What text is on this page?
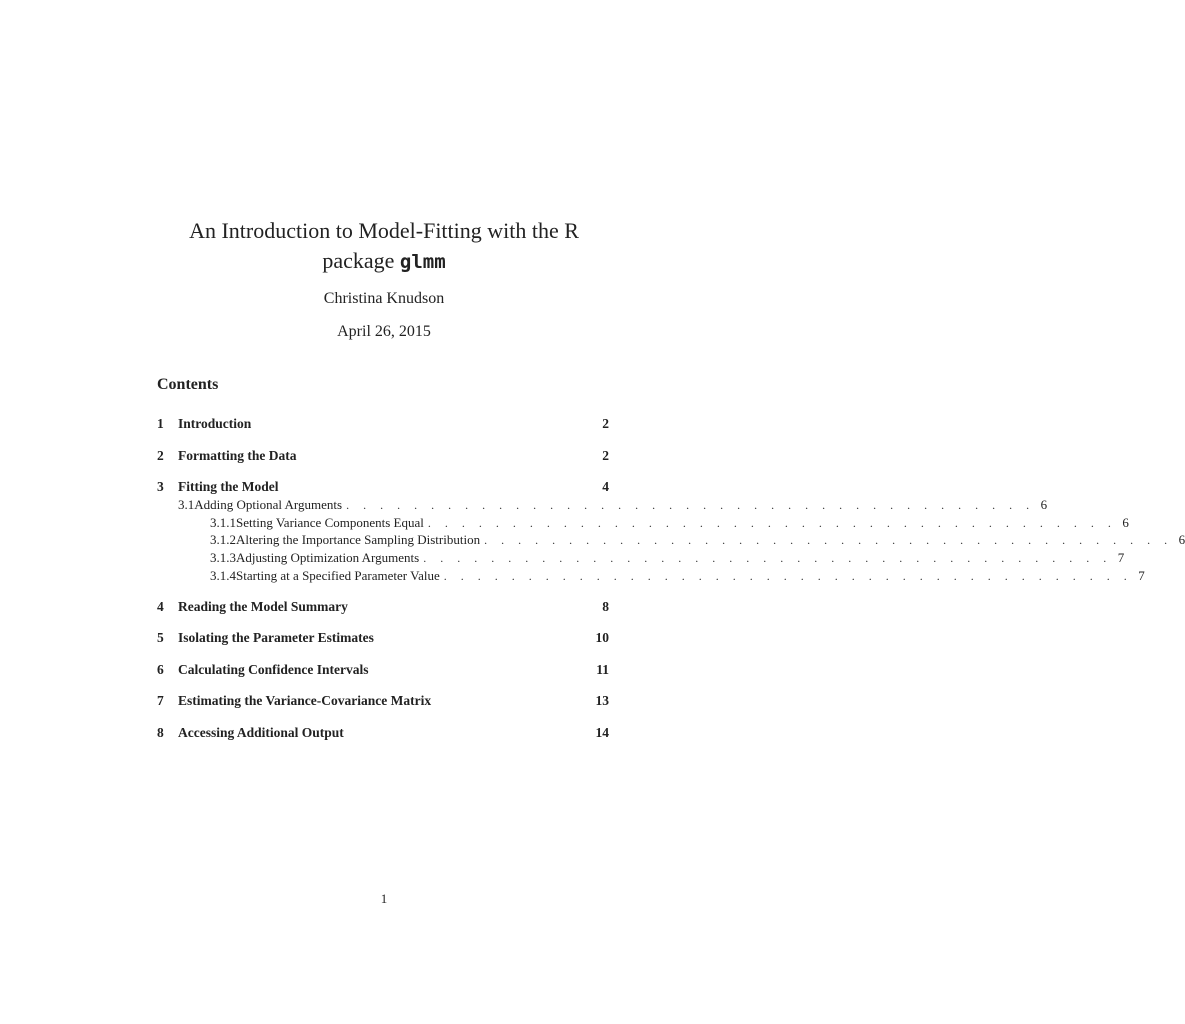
An Introduction to Model-Fitting with the R
package glmm
Christina Knudson
April 26, 2015
Contents
1	Introduction	2
2	Formatting the Data	2
3	Fitting the Model	4
3.1 Adding Optional Arguments . . . . . . . . . . . . . . . . . . . . . . . . . . . . . . . . . . . . . . . . . 6
3.1.1 Setting Variance Components Equal . . . . . . . . . . . . . . . . . . . . . . . . . . . . . . . . . . . . . . . . . 6
3.1.2 Altering the Importance Sampling Distribution . . . . . . . . . . . . . . . . . . . . . . . . . . . . . . . . . . . . . . . . . 6
3.1.3 Adjusting Optimization Arguments . . . . . . . . . . . . . . . . . . . . . . . . . . . . . . . . . . . . . . . . . 7
3.1.4 Starting at a Specified Parameter Value . . . . . . . . . . . . . . . . . . . . . . . . . . . . . . . . . . . . . . . . . 7
4	Reading the Model Summary	8
5	Isolating the Parameter Estimates	10
6	Calculating Confidence Intervals	11
7	Estimating the Variance-Covariance Matrix	13
8	Accessing Additional Output	14
1
